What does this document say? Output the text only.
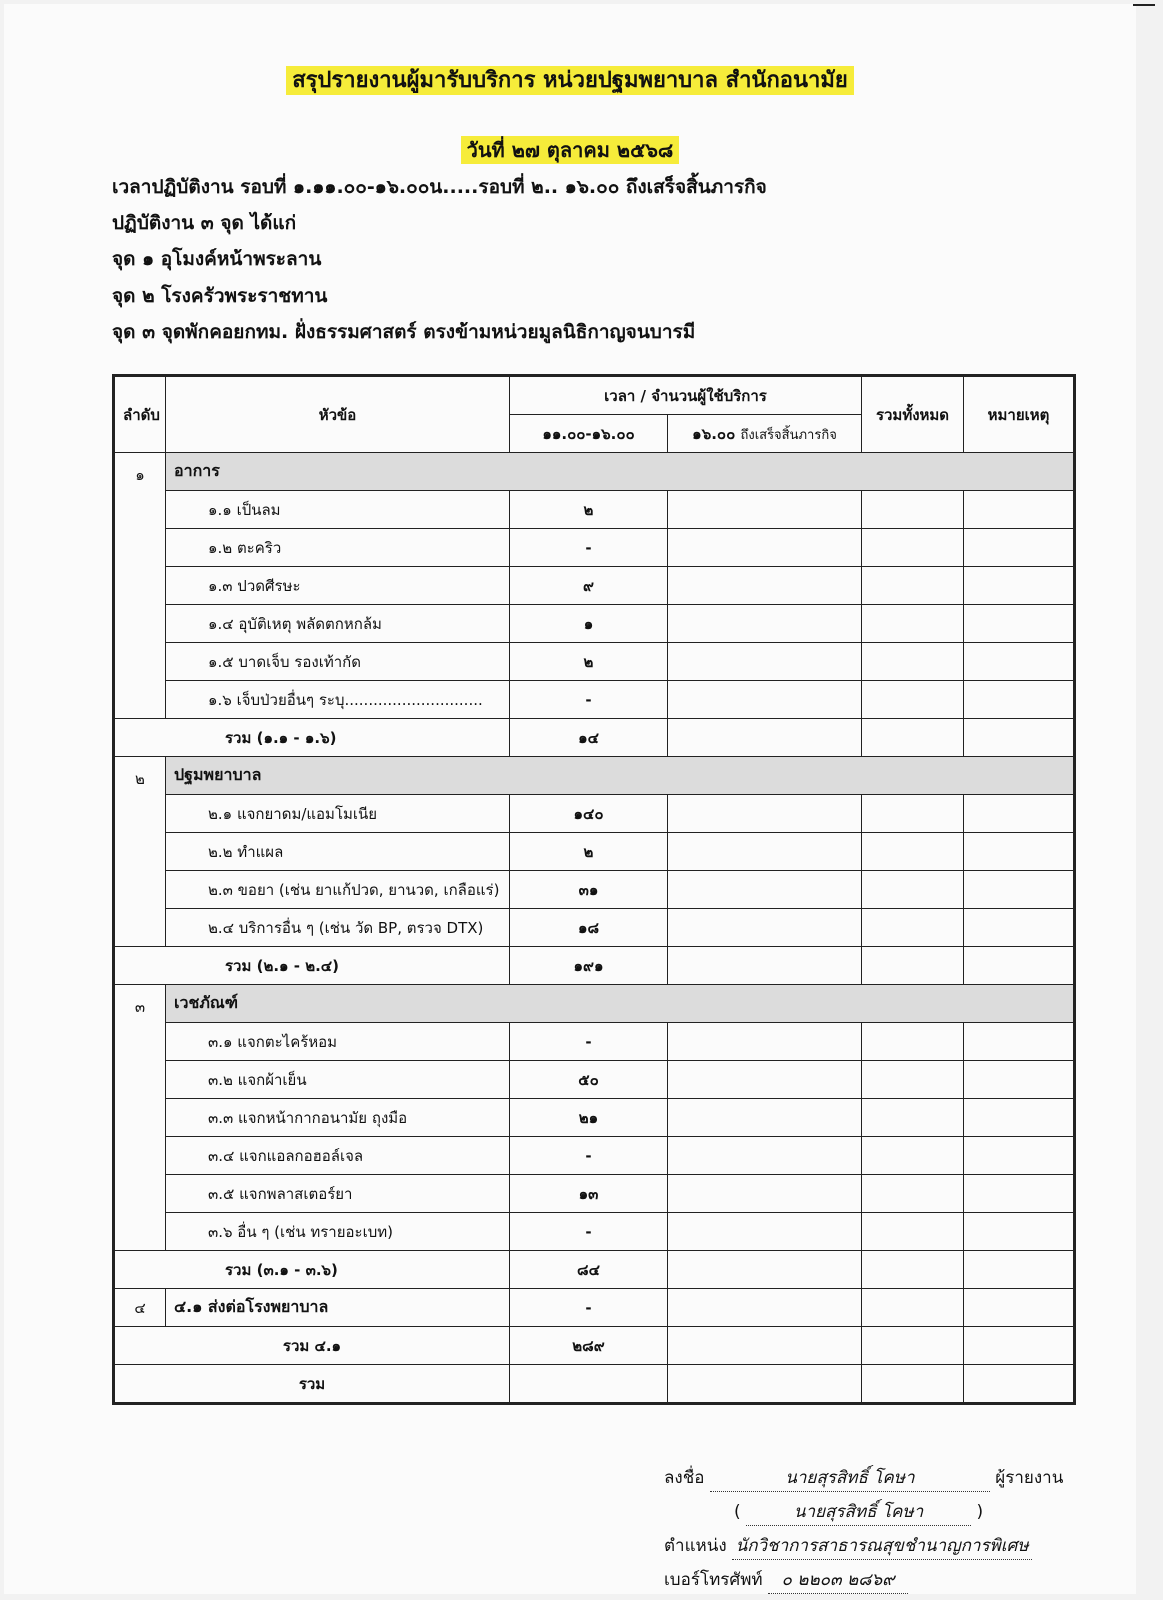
สรุปรายงานผู้มารับบริการ หน่วยปฐมพยาบาล สำนักอนามัย
วันที่ ๒๗ ตุลาคม ๒๕๖๘
เวลาปฏิบัติงาน รอบที่ ๑.๑๑.๐๐-๑๖.๐๐น.....รอบที่ ๒.. ๑๖.๐๐ ถึงเสร็จสิ้นภารกิจ
ปฏิบัติงาน ๓ จุด ได้แก่
จุด ๑ อุโมงค์หน้าพระลาน
จุด ๒ โรงครัวพระราชทาน
จุด ๓ จุดพักคอยกทม. ฝั่งธรรมศาสตร์ ตรงข้ามหน่วยมูลนิธิกาญจนบารมี
ลำดับ	หัวข้อ	เวลา / จำนวนผู้ใช้บริการ		รวมทั้งหมด	หมายเหตุ
		๑๑.๐๐-๑๖.๐๐	๑๖.๐๐ ถึงเสร็จสิ้นภารกิจ		
๑	อาการ				
	๑.๑ เป็นลม	๒			
	๑.๒ ตะคริว	-			
	๑.๓ ปวดศีรษะ	๙			
	๑.๔ อุบัติเหตุ พลัดตกหกล้ม	๑			
	๑.๕ บาดเจ็บ รองเท้ากัด	๒			
	๑.๖ เจ็บป่วยอื่นๆ ระบุ.............................	-			
รวม (๑.๑ - ๑.๖)		๑๔			
๒	ปฐมพยาบาล				
	๒.๑ แจกยาดม/แอมโมเนีย	๑๔๐			
	๒.๒ ทำแผล	๒			
	๒.๓ ขอยา (เช่น ยาแก้ปวด, ยานวด, เกลือแร่)	๓๑			
	๒.๔ บริการอื่น ๆ (เช่น วัด BP, ตรวจ DTX)	๑๘			
รวม (๒.๑ - ๒.๔)		๑๙๑			
๓	เวชภัณฑ์				
	๓.๑ แจกตะไคร้หอม	-			
	๓.๒ แจกผ้าเย็น	๕๐			
	๓.๓ แจกหน้ากากอนามัย ถุงมือ	๒๑			
	๓.๔ แจกแอลกอฮอล์เจล	-			
	๓.๕ แจกพลาสเตอร์ยา	๑๓			
	๓.๖ อื่น ๆ (เช่น ทรายอะเบท)	-			
รวม (๓.๑ - ๓.๖)		๘๔			
๔	๔.๑ ส่งต่อโรงพยาบาล	-			
รวม ๔.๑		๒๘๙			
รวม					
ลงชื่อ	นายสุรสิทธิ์ โคษา	ผู้รายงาน
(	นายสุรสิทธิ์ โคษา	)
ตำแหน่ง นักวิชาการสาธารณสุขชำนาญการพิเศษ
เบอร์โทรศัพท์ ๐ ๒๒๐๓ ๒๘๖๙
